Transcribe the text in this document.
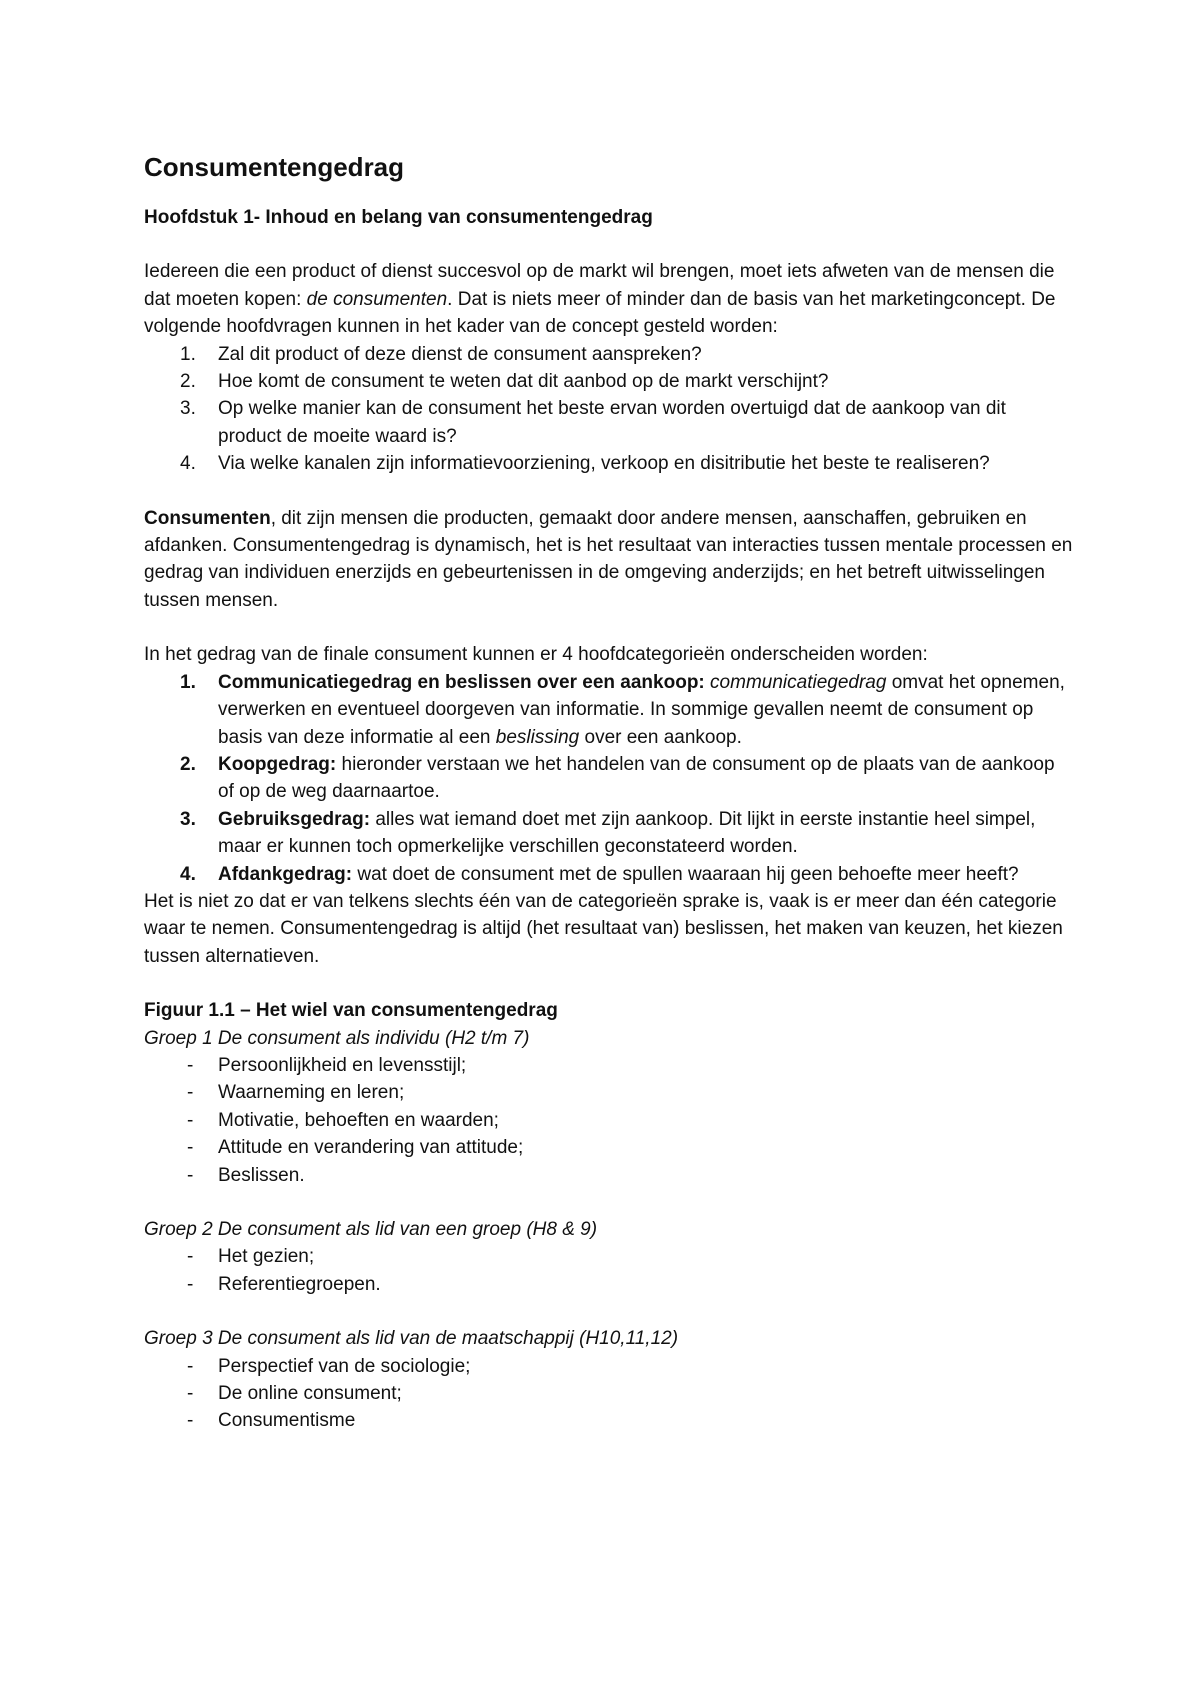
Consumentengedrag
Hoofdstuk 1- Inhoud en belang van consumentengedrag

Iedereen die een product of dienst succesvol op de markt wil brengen, moet iets afweten van de mensen die dat moeten kopen: de consumenten. Dat is niets meer of minder dan de basis van het marketingconcept. De volgende hoofdvragen kunnen in het kader van de concept gesteld worden:

1.	Zal dit product of deze dienst de consument aanspreken?
2.	Hoe komt de consument te weten dat dit aanbod op de markt verschijnt?
3.	Op welke manier kan de consument het beste ervan worden overtuigd dat de aankoop van dit product de moeite waard is?
4.	Via welke kanalen zijn informatievoorziening, verkoop en disitributie het beste te realiseren?

Consumenten, dit zijn mensen die producten, gemaakt door andere mensen, aanschaffen, gebruiken en afdanken. Consumentengedrag is dynamisch, het is het resultaat van interacties tussen mentale processen en gedrag van individuen enerzijds en gebeurtenissen in de omgeving anderzijds; en het betreft uitwisselingen tussen mensen.

In het gedrag van de finale consument kunnen er 4 hoofdcategorieën onderscheiden worden:

1.	Communicatiegedrag en beslissen over een aankoop: communicatiegedrag omvat het opnemen, verwerken en eventueel doorgeven van informatie. In sommige gevallen neemt de consument op basis van deze informatie al een beslissing over een aankoop.
2.	Koopgedrag: hieronder verstaan we het handelen van de consument op de plaats van de aankoop of op de weg daarnaartoe.
3.	Gebruiksgedrag: alles wat iemand doet met zijn aankoop. Dit lijkt in eerste instantie heel simpel, maar er kunnen toch opmerkelijke verschillen geconstateerd worden.
4.	Afdankgedrag: wat doet de consument met de spullen waaraan hij geen behoefte meer heeft?

Het is niet zo dat er van telkens slechts één van de categorieën sprake is, vaak is er meer dan één categorie waar te nemen. Consumentengedrag is altijd (het resultaat van) beslissen, het maken van keuzen, het kiezen tussen alternatieven.

Figuur 1.1 – Het wiel van consumentengedrag

Groep 1 De consument als individu (H2 t/m 7)

- Persoonlijkheid en levensstijl;
- Waarneming en leren;
- Motivatie, behoeften en waarden;
- Attitude en verandering van attitude;
- Beslissen.

Groep 2 De consument als lid van een groep (H8 & 9)

- Het gezien;
- Referentiegroepen.

Groep 3 De consument als lid van de maatschappij (H10,11,12)

- Perspectief van de sociologie;
- De online consument;
- Consumentisme
